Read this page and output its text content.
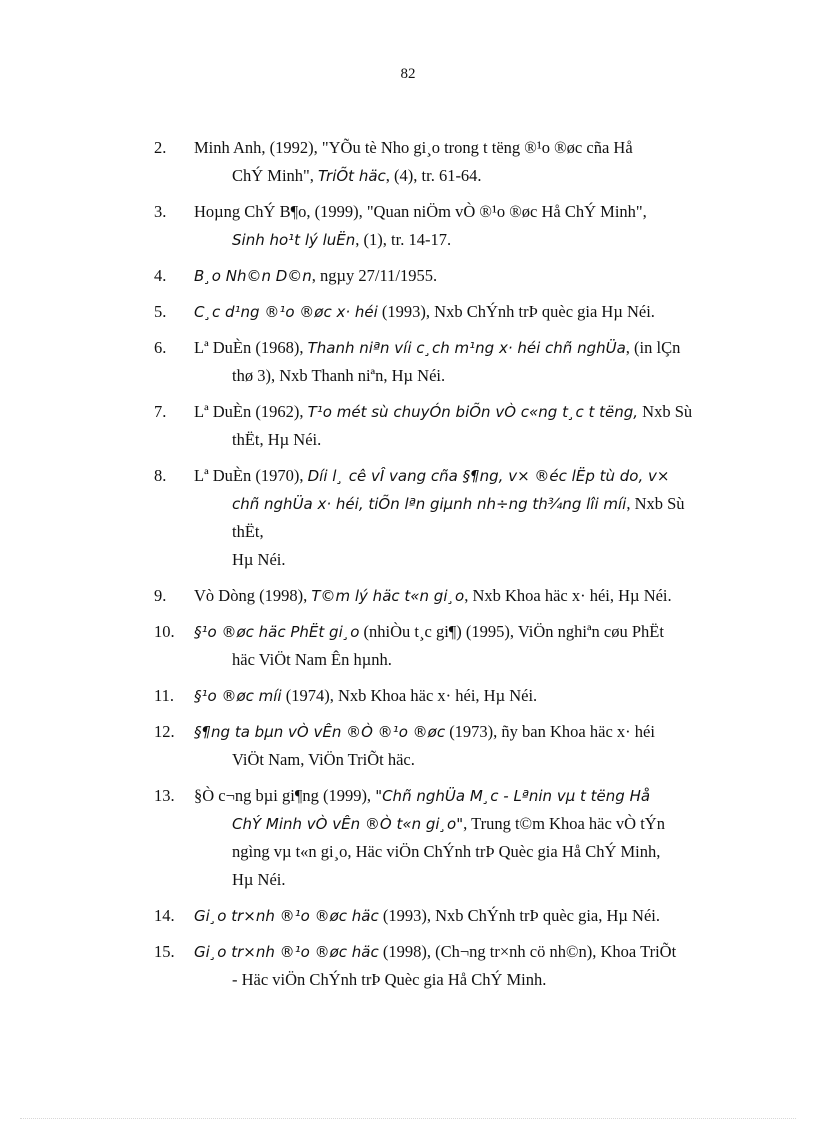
82
2. Minh Anh, (1992), "YÕu tè Nho gi¸o trong t tëng ®¹o ®øc cña Hå
ChÝ Minh", TriÕt häc, (4), tr. 61-64.
3. Hoµng ChÝ B¶o, (1999), "Quan niÖm vÒ ®¹o ®øc Hå ChÝ Minh",
Sinh ho¹t lý luËn, (1), tr. 14-17.
4. B¸o Nh©n D©n, ngµy 27/11/1955.
5. C¸c d¹ng ®¹o ®øc x· héi (1993), Nxb ChÝnh trÞ quèc gia Hµ Néi.
6. Lª DuÈn (1968), Thanh niªn víi c¸ch m¹ng x· héi chñ nghÜa, (in lÇn
thø 3), Nxb Thanh niªn, Hµ Néi.
7. Lª DuÈn (1962), T¹o mét sù chuyÓn biÕn vÒ c«ng t¸c t tëng, Nxb Sù
thËt, Hµ Néi.
8. Lª DuÈn (1970), Díi l¸ cê vÎ vang cña §¶ng, v× ®éc lËp tù do, v×
chñ nghÜa x· héi, tiÕn lªn giµnh nh÷ng th¾ng lîi míi, Nxb Sù
thËt,
Hµ Néi.
9. Vò Dòng (1998), T©m lý häc t«n gi¸o, Nxb Khoa häc x· héi, Hµ Néi.
10. §¹o ®øc häc PhËt gi¸o (nhiÒu t¸c gi¶) (1995), ViÖn nghiªn cøu PhËt
häc ViÖt Nam Ên hµnh.
11. §¹o ®øc míi (1974), Nxb Khoa häc x· héi, Hµ Néi.
12. §¶ng ta bµn vÒ vÊn ®Ò ®¹o ®øc (1973), ñy ban Khoa häc x· héi
ViÖt Nam, ViÖn TriÕt häc.
13. §Ò c¬ng bµi gi¶ng (1999), "Chñ nghÜa M¸c - Lªnin vµ t tëng Hå
ChÝ Minh vÒ vÊn ®Ò t«n gi¸o", Trung t©m Khoa häc vÒ tÝn
ngìng vµ t«n gi¸o, Häc viÖn ChÝnh trÞ Quèc gia Hå ChÝ Minh,
Hµ Néi.
14. Gi¸o tr×nh ®¹o ®øc häc (1993), Nxb ChÝnh trÞ quèc gia, Hµ Néi.
15. Gi¸o tr×nh ®¹o ®øc häc (1998), (Ch¬ng tr×nh cö nh©n), Khoa TriÕt
- Häc viÖn ChÝnh trÞ Quèc gia Hå ChÝ Minh.
